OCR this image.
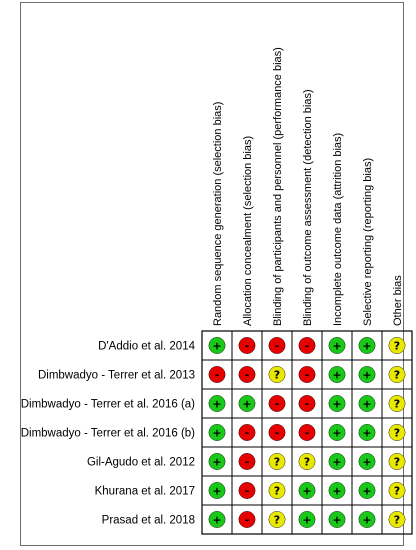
+ - - - + + ?
- - ? - + + ?
+ + - - + + ?
+ - - - + + ?
+ - ? ? + + ?
+ - ? + + + ?
+ - ? + + + ?
Random sequence generation (selection bias) Allocation concealment (selection bias) Blinding of participants and personnel (performance bias) Blinding of outcome assessment (detection bias) Incomplete outcome data (attrition bias) Selective reporting (reporting bias) Other bias
D'Addio et al. 2014
Dimbwadyo - Terrer et al. 2013
Dimbwadyo - Terrer et al. 2016 (a)
Dimbwadyo - Terrer et al. 2016 (b)
Gil-Agudo et al. 2012
Khurana et al. 2017
Prasad et al. 2018
